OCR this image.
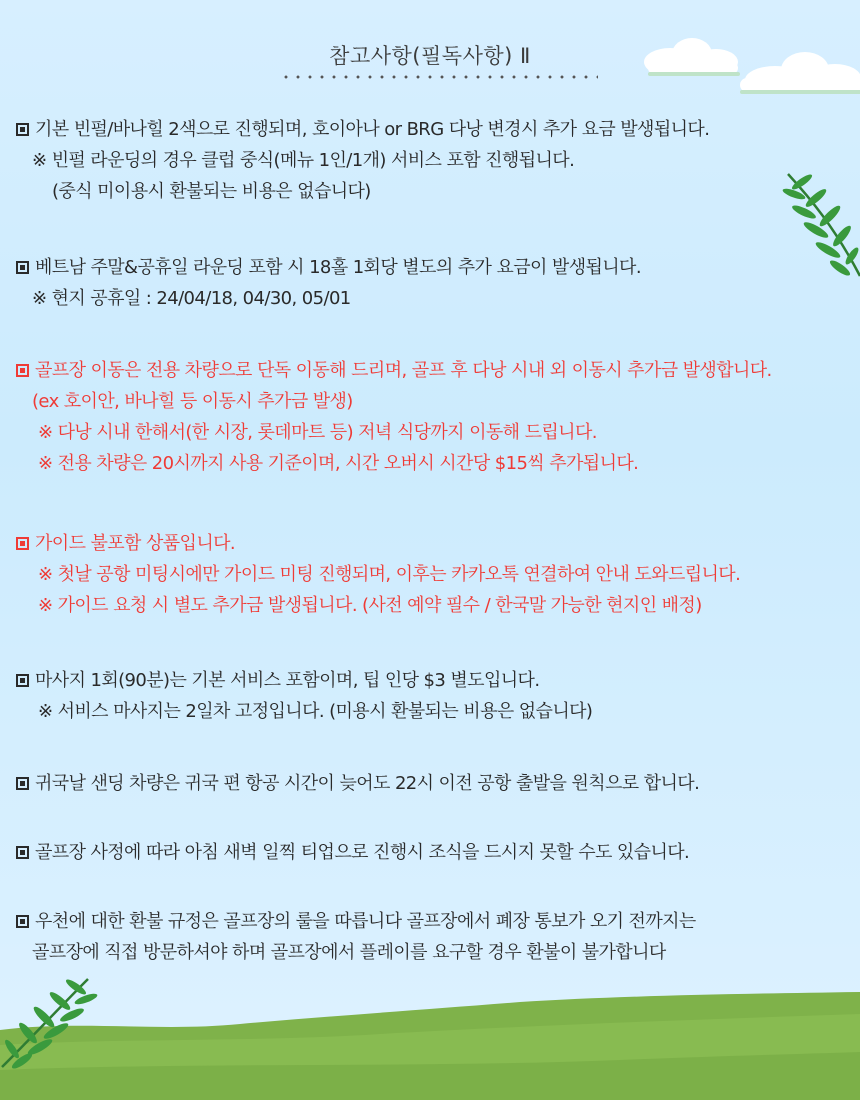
참고사항(필독사항) Ⅱ
기본 빈펄/바나힐 2색으로 진행되며, 호이아나 or BRG 다낭 변경시 추가 요금 발생됩니다.
※ 빈펄 라운딩의 경우 클럽 중식(메뉴 1인/1개) 서비스 포함 진행됩니다.
(중식 미이용시 환불되는 비용은 없습니다)
베트남 주말&공휴일 라운딩 포함 시 18홀 1회당 별도의 추가 요금이 발생됩니다.
※ 현지 공휴일 : 24/04/18, 04/30, 05/01
골프장 이동은 전용 차량으로 단독 이동해 드리며, 골프 후 다낭 시내 외 이동시 추가금 발생합니다.
(ex 호이안, 바나힐 등 이동시 추가금 발생)
※ 다낭 시내 한해서(한 시장, 롯데마트 등) 저녁 식당까지 이동해 드립니다.
※ 전용 차량은 20시까지 사용 기준이며, 시간 오버시 시간당 $15씩 추가됩니다.
가이드 불포함 상품입니다.
※ 첫날 공항 미팅시에만 가이드 미팅 진행되며, 이후는 카카오톡 연결하여 안내 도와드립니다.
※ 가이드 요청 시 별도 추가금 발생됩니다. (사전 예약 필수 / 한국말 가능한 현지인 배정)
마사지 1회(90분)는 기본 서비스 포함이며, 팁 인당 $3 별도입니다.
※ 서비스 마사지는 2일차 고정입니다. (미용시 환불되는 비용은 없습니다)
귀국날 샌딩 차량은 귀국 편 항공 시간이 늦어도 22시 이전 공항 출발을 원칙으로 합니다.
골프장 사정에 따라 아침 새벽 일찍 티업으로 진행시 조식을 드시지 못할 수도 있습니다.
우천에 대한 환불 규정은 골프장의 룰을 따릅니다 골프장에서 폐장 통보가 오기 전까지는
골프장에 직접 방문하셔야 하며 골프장에서 플레이를 요구할 경우 환불이 불가합니다
